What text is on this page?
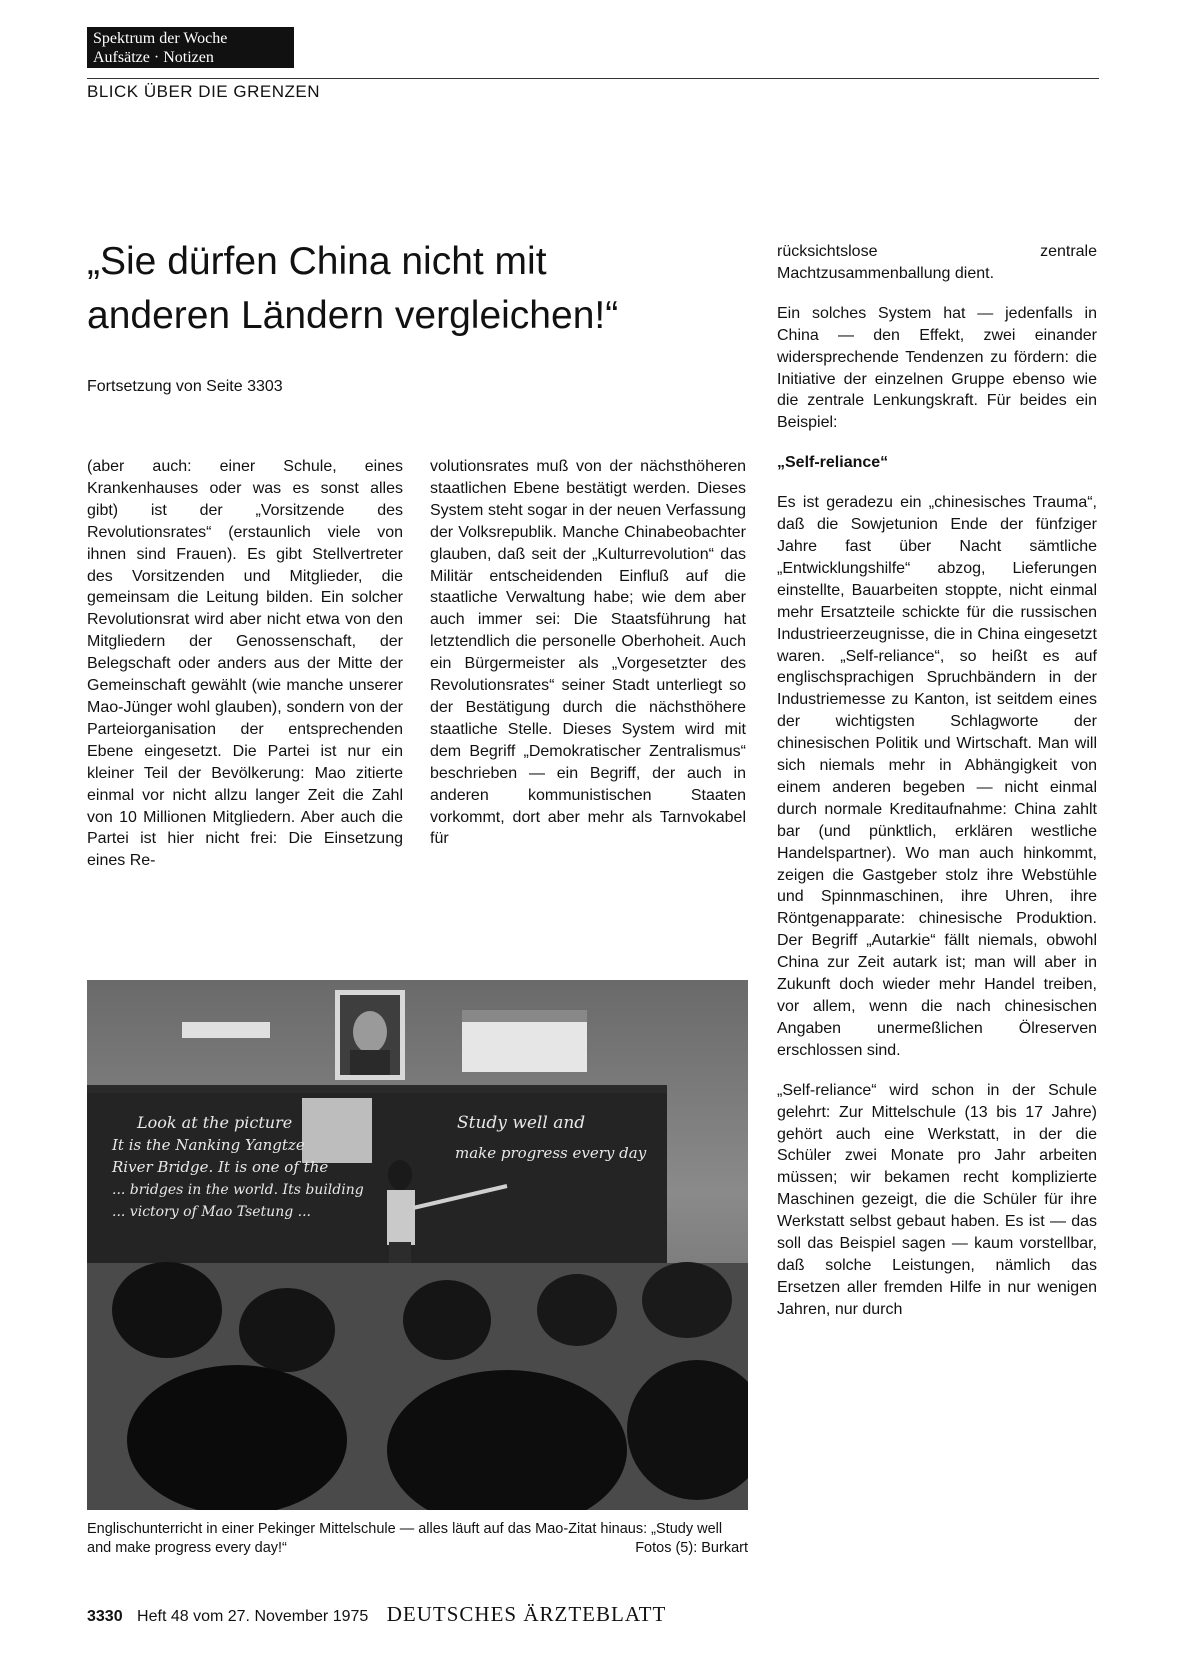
Spektrum der Woche
Aufsätze · Notizen
BLICK ÜBER DIE GRENZEN
„Sie dürfen China nicht mit
anderen Ländern vergleichen!“
Fortsetzung von Seite 3303

(aber auch: einer Schule, eines Krankenhauses oder was es sonst alles gibt) ist der „Vorsitzende des Revolutionsrates“ (erstaunlich viele von ihnen sind Frauen). Es gibt Stellvertreter des Vorsitzenden und Mitglieder, die gemeinsam die Leitung bilden. Ein solcher Revolutionsrat wird aber nicht etwa von den Mitgliedern der Genossenschaft, der Belegschaft oder anders aus der Mitte der Gemeinschaft gewählt (wie manche unserer Mao-Jünger wohl glauben), sondern von der Parteiorganisation der entsprechenden Ebene eingesetzt. Die Partei ist nur ein kleiner Teil der Bevölkerung: Mao zitierte einmal vor nicht allzu langer Zeit die Zahl von 10 Millionen Mitgliedern. Aber auch die Partei ist hier nicht frei: Die Einsetzung eines Re-

volutionsrates muß von der nächsthöheren staatlichen Ebene bestätigt werden. Dieses System steht sogar in der neuen Verfassung der Volksrepublik. Manche Chinabeobachter glauben, daß seit der „Kulturrevolution“ das Militär entscheidenden Einfluß auf die staatliche Verwaltung habe; wie dem aber auch immer sei: Die Staatsführung hat letztendlich die personelle Oberhoheit. Auch ein Bürgermeister als „Vorgesetzter des Revolutionsrates“ seiner Stadt unterliegt so der Bestätigung durch die nächsthöhere staatliche Stelle. Dieses System wird mit dem Begriff „Demokratischer Zentralismus“ beschrieben — ein Begriff, der auch in anderen kommunistischen Staaten vorkommt, dort aber mehr als Tarnvokabel für

rücksichtslose zentrale Machtzusammenballung dient.

Ein solches System hat — jedenfalls in China — den Effekt, zwei einander widersprechende Tendenzen zu fördern: die Initiative der einzelnen Gruppe ebenso wie die zentrale Lenkungskraft. Für beides ein Beispiel:

„Self-reliance“

Es ist geradezu ein „chinesisches Trauma“, daß die Sowjetunion Ende der fünfziger Jahre fast über Nacht sämtliche „Entwicklungshilfe“ abzog, Lieferungen einstellte, Bauarbeiten stoppte, nicht einmal mehr Ersatzteile schickte für die russischen Industrieerzeugnisse, die in China eingesetzt waren. „Self-reliance“, so heißt es auf englischsprachigen Spruchbändern in der Industriemesse zu Kanton, ist seitdem eines der wichtigsten Schlagworte der chinesischen Politik und Wirtschaft. Man will sich niemals mehr in Abhängigkeit von einem anderen begeben — nicht einmal durch normale Kreditaufnahme: China zahlt bar (und pünktlich, erklären westliche Handelspartner). Wo man auch hinkommt, zeigen die Gastgeber stolz ihre Webstühle und Spinnmaschinen, ihre Uhren, ihre Röntgenapparate: chinesische Produktion. Der Begriff „Autarkie“ fällt niemals, obwohl China zur Zeit autark ist; man will aber in Zukunft doch wieder mehr Handel treiben, vor allem, wenn die nach chinesischen Angaben unermeßlichen Ölreserven erschlossen sind.

„Self-reliance“ wird schon in der Schule gelehrt: Zur Mittelschule (13 bis 17 Jahre) gehört auch eine Werkstatt, in der die Schüler zwei Monate pro Jahr arbeiten müssen; wir bekamen recht komplizierte Maschinen gezeigt, die die Schüler für ihre Werkstatt selbst gebaut haben. Es ist — das soll das Beispiel sagen — kaum vorstellbar, daß solche Leistungen, nämlich das Ersetzen aller fremden Hilfe in nur wenigen Jahren, nur durch

Look at the picture
It is the Nanking Yangtze
River Bridge. It is one of the
... bridges in the world. Its building
... victory of Mao Tsetung ...
Study well and
make progress every day
Englischunterricht in einer Pekinger Mittelschule — alles läuft auf das Mao-Zitat hinaus: „Study well and make progress every day!“	Fotos (5): Burkart
3330 Heft 48 vom 27. November 1975 DEUTSCHES ÄRZTEBLATT
